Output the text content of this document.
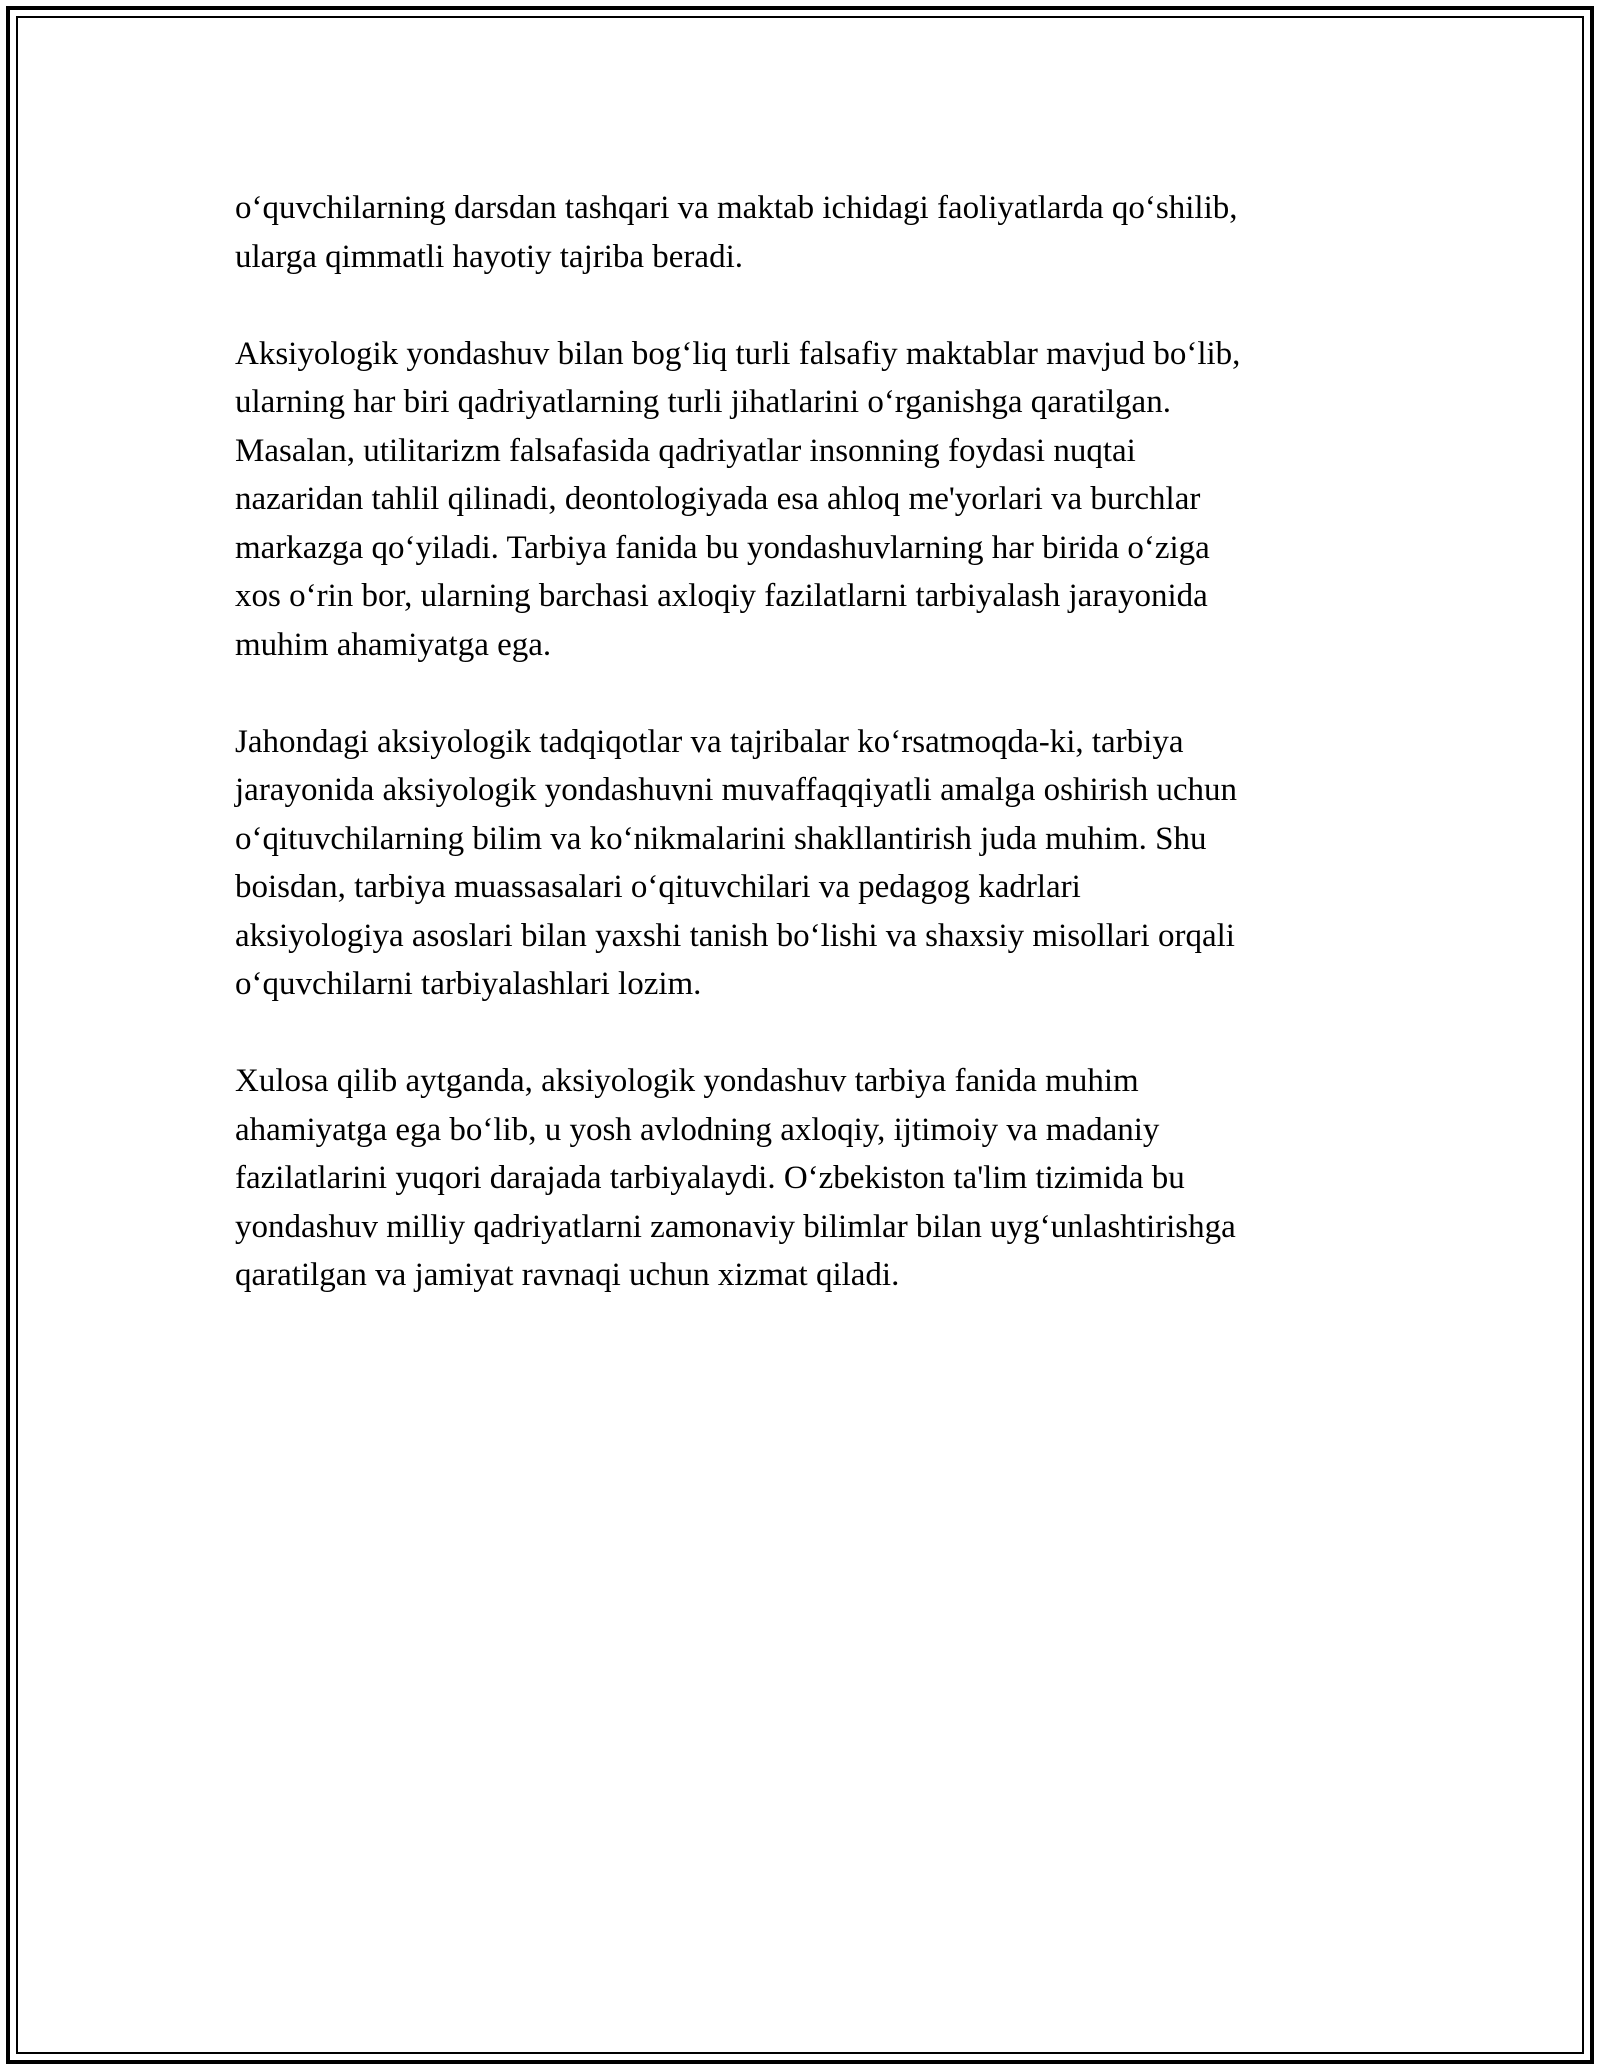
o‘quvchilarning darsdan tashqari va maktab ichidagi faoliyatlarda qo‘shilib,
ularga qimmatli hayotiy tajriba beradi.

Aksiyologik yondashuv bilan bog‘liq turli falsafiy maktablar mavjud bo‘lib,
ularning har biri qadriyatlarning turli jihatlarini o‘rganishga qaratilgan.
Masalan, utilitarizm falsafasida qadriyatlar insonning foydasi nuqtai
nazaridan tahlil qilinadi, deontologiyada esa ahloq me'yorlari va burchlar
markazga qo‘yiladi. Tarbiya fanida bu yondashuvlarning har birida o‘ziga
xos o‘rin bor, ularning barchasi axloqiy fazilatlarni tarbiyalash jarayonida
muhim ahamiyatga ega.

Jahondagi aksiyologik tadqiqotlar va tajribalar ko‘rsatmoqda-ki, tarbiya
jarayonida aksiyologik yondashuvni muvaffaqqiyatli amalga oshirish uchun
o‘qituvchilarning bilim va ko‘nikmalarini shakllantirish juda muhim. Shu
boisdan, tarbiya muassasalari o‘qituvchilari va pedagog kadrlari
aksiyologiya asoslari bilan yaxshi tanish bo‘lishi va shaxsiy misollari orqali
o‘quvchilarni tarbiyalashlari lozim.

Xulosa qilib aytganda, aksiyologik yondashuv tarbiya fanida muhim
ahamiyatga ega bo‘lib, u yosh avlodning axloqiy, ijtimoiy va madaniy
fazilatlarini yuqori darajada tarbiyalaydi. O‘zbekiston ta'lim tizimida bu
yondashuv milliy qadriyatlarni zamonaviy bilimlar bilan uyg‘unlashtirishga
qaratilgan va jamiyat ravnaqi uchun xizmat qiladi.
